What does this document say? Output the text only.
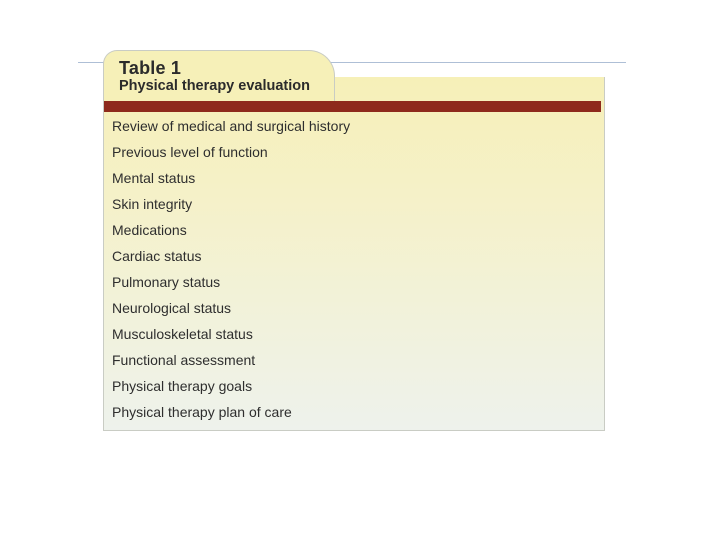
Table 1
Physical therapy evaluation
Review of medical and surgical history
Previous level of function
Mental status
Skin integrity
Medications
Cardiac status
Pulmonary status
Neurological status
Musculoskeletal status
Functional assessment
Physical therapy goals
Physical therapy plan of care
